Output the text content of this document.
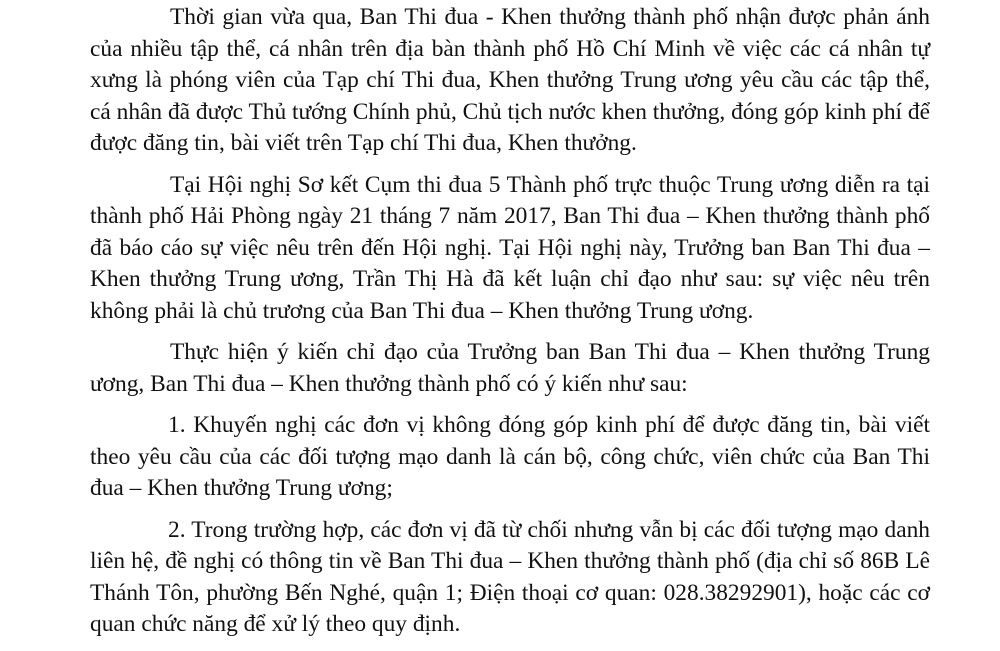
Thời gian vừa qua, Ban Thi đua - Khen thưởng thành phố nhận được phản ánh của nhiều tập thể, cá nhân trên địa bàn thành phố Hồ Chí Minh về việc các cá nhân tự xưng là phóng viên của Tạp chí Thi đua, Khen thưởng Trung ương yêu cầu các tập thể, cá nhân đã được Thủ tướng Chính phủ, Chủ tịch nước khen thưởng, đóng góp kinh phí để được đăng tin, bài viết trên Tạp chí Thi đua, Khen thưởng.

Tại Hội nghị Sơ kết Cụm thi đua 5 Thành phố trực thuộc Trung ương diễn ra tại thành phố Hải Phòng ngày 21 tháng 7 năm 2017, Ban Thi đua – Khen thưởng thành phố đã báo cáo sự việc nêu trên đến Hội nghị. Tại Hội nghị này, Trưởng ban Ban Thi đua – Khen thưởng Trung ương, Trần Thị Hà đã kết luận chỉ đạo như sau: sự việc nêu trên không phải là chủ trương của Ban Thi đua – Khen thưởng Trung ương.

Thực hiện ý kiến chỉ đạo của Trưởng ban Ban Thi đua – Khen thưởng Trung ương, Ban Thi đua – Khen thưởng thành phố có ý kiến như sau:

1. Khuyến nghị các đơn vị không đóng góp kinh phí để được đăng tin, bài viết theo yêu cầu của các đối tượng mạo danh là cán bộ, công chức, viên chức của Ban Thi đua – Khen thưởng Trung ương;

2. Trong trường hợp, các đơn vị đã từ chối nhưng vẫn bị các đối tượng mạo danh liên hệ, đề nghị có thông tin về Ban Thi đua – Khen thưởng thành phố (địa chỉ số 86B Lê Thánh Tôn, phường Bến Nghé, quận 1; Điện thoại cơ quan: 028.38292901), hoặc các cơ quan chức năng để xử lý theo quy định.
